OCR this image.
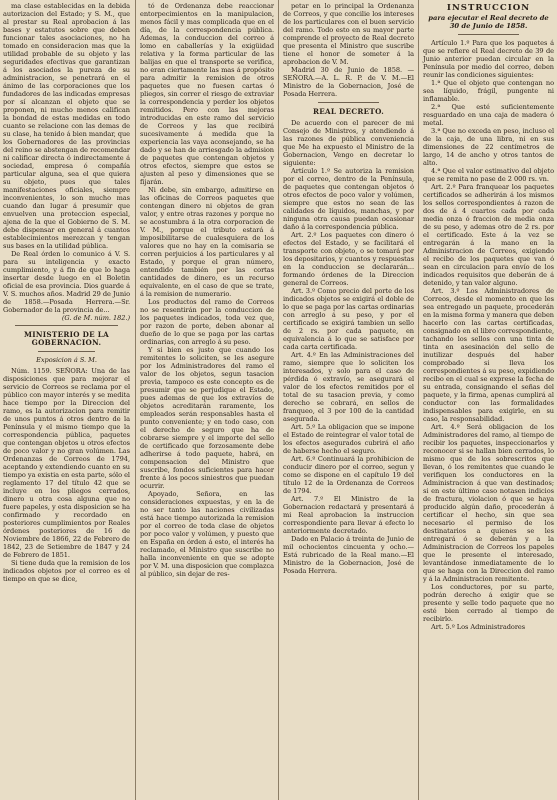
ma clase establecidas en la debida autorizacion del Estado; y S. M., que al prestar su Real aprobacion á las bases y estatutos sobre que deben funcionar tales asociaciones, no ha tomado en consideracion mas que la utilidad probable de su objeto y las seguridades efectivas que garantizan á los asociados la pureza de su administracion, se penetrará en el ánimo de las corporaciones que los fundadores de las indicadas empresas por sí alcanzan el objeto que se proponen, ni mucho menos califican la bondad de estas medidas en todo cuanto se relacione con las demas de su clase, ha tenido á bien mandar, que los Gobernadores de las provincias del reino se abstengan de recomendar ni calificar directa ó indirectamente á sociedad, empresa ó compañía particular alguna, sea el que quiera su objeto, pues que tales manifestaciones oficiales, siempre inconvenientes, lo son mucho mas cuando dan lugar á presumir que envuelven una proteccion especial, ajena de la que el Gobierno de S. M. debe dispensar en general á cuantos establecimientos merezcan y tengan sus bases en la utilidad pública.

De Real órden lo comunico á V. S. para su inteligencia y exacto cumplimiento, y á fin de que lo haga insertar desde luego en el Boletin oficial de esa provincia. Dios guarde á V. S. muchos años. Madrid 29 de Junio de 1858.—Posada Herrera.—Sr. Gobernador de la provincia de...

(G. de M. núm. 182.)

MINISTERIO DE LA GOBERNACION.

Exposicion á S. M.

Núm. 1159. SEÑORA: Una de las disposiciones que para mejorar el servicio de Correos se reclama por el público con mayor interés y se medita hace tiempo por la Direccion del ramo, es la autorizacion para remitir de unos puntos á otros dentro de la Península y el mismo tiempo que la correspondencia pública, paquetes que contengan objetos u otros efectos de poco valor y no gran volúmen. Las Ordenanzas de Correos de 1794, aceptando y extendiendo cuanto en su tiempo ya existia en esta parte, sólo el reglamento 17 del título 42 que se incluye en los pliegos cerrados, dinero u otra cosa alguna que no fuere papeles, y esta disposicion se ha confirmado y recordado en posteriores cumplimientos por Reales órdenes posteriores de 16 de Noviembre de 1866, 22 de Febrero de 1842, 23 de Setiembre de 1847 y 24 de Febrero de 1851.

Si tiene duda que la remision de los indicados objetos por el correo es el tiempo en que se dice,

tó de Ordenanza debe reaccionar entorpecimientos en la manipulacion, menos fácil y mas complicada que en el día, de la correspondencia pública. Ademas, la conduccion del correo á lomo en caballerías y la exigüidad relativa y la forma particular de las balijas en que el transporte se verifica, no eran ciertamente las mas á propósito para admitir la remision de otros paquetes que no fuesen cartas ó pliegos, sin correr el riesgo de extraviar la correspondencia y perder los objetos remitidos. Pero con las mejoras introducidas en este ramo del servicio de Correos y las que recibirá sucesivamente á medida que la experiencia las vaya aconsejando, se ha dado y se han de arriesgado la admision de paquetes que contengan objetos y otros efectos, siempre que estos se ajusten al peso y dimensiones que se fijarán.

Ni debe, sin embargo, admitirse en las oficinas de Correos paquetes que contengan dinero ni objetos de gran valor, y entre otras razones y porque no se acostumbra á la otra corporacion de V. M., porque el tributo estará á imposibilitarse de cualesquiera de los valores que no hay en la comisaria se corren perjuicios á los particulares y al Estado, y porque el gran número, entendido también por las cortas cantidades de dinero, es un recurso equivalente, en el caso de que se trate, á la remision de numerario.

Los productos del ramo de Correos no se resentirán por la conduccion de los paquetes indicados, toda vez que, por razon de porte, deben abonar al dueño de lo que se paga por las cartas ordinarias, con arreglo á su peso.

Y si bien es justo que cuando los remitentes lo soliciten, se les asegure por los Administradores del ramo el valor de los objetos, segun tasacion previa, tampoco es este concepto es de presumir que se perjudique el Estado, pues ademas de que los extravíos de objetos acreditarán raramente, los empleados serán responsables hasta el punto conveniente; y en todo caso, con el derecho de seguro que ha de cobrarse siempre y el importe del sello de certificado que forzosamente debe adherirse á todo paquete, habrá, en compensacion del Ministro que suscribe, fondos suficientes para hacer frente á los pocos siniestros que puedan ocurrir.

Apoyado, Señora, en las consideraciones expuestas, y en la de no ser tanto las naciones civilizadas está hace tiempo autorizada la remision por el correo de toda clase de objetos por poco valor y volúmen, y puesto que en España en órden á esto, el interés ha reclamado, el Ministro que suscribe no halla inconveniente en que se adopte por V. M. una disposicion que complazca al público, sin dejar de res-

petar en lo principal la Ordenanza de Correos, y que concilie los intereses de los particulares con el buen servicio del ramo. Todo esto en su mayor parte comprende el proyecto de Real decreto que presenta el Ministro que suscribe tiene el honor de someter á la aprobacion de V. M.

Madrid 30 de Junio de 1858. —SEÑORA.—A. L. R. P. de V. M.—El Ministro de la Gobernacion, José de Posada Herrera.

REAL DECRETO.

De acuerdo con el parecer de mi Consejo de Ministros, y atendiendo á las razones de pública conveniencia que Me ha expuesto el Ministro de la Gobernacion, Vengo en decretar lo siguiente:

Artículo 1.º Se autoriza la remision por el correo, dentro de la Península, de paquetes que contengan objetos ó otros efectos de poco valor y volúmen, siempre que estos no sean de las calidades de líquidos, manchas, y por ninguna otra causa puedan ocasionar daño á la correspondencia pública.

Art. 2.º Los paquetes con dinero ó efectos del Estado, y se facilitará el transporte con objeto, o se tomará por los depositarios, y cuantos y respuestas en la conduccion se declararán... formando órdenes de la Direccion general de Correos.

Art. 3.º Como precio del porte de los indicados objetos se exigirá el doble de lo que se paga por las cartas ordinarias con arreglo á su peso, y por el certificado se exigirá tambien un sello de 2 rs. por cada paquete, en equivalencia á lo que se satisface por cada carta certificada.

Art. 4.º En las Administraciones del ramo, siempre que lo soliciten los interesados, y solo para el caso de pérdida ó extravío, se asegurará el valor de los efectos remitidos por el total de su tasacion previa, y como derecho se cobrará, en sellos de franqueo, el 3 por 100 de la cantidad asegurada.

Art. 5.º La obligacion que se impone el Estado de reintegrar el valor total de los efectos asegurados cubrirá el año de haberse hecho el seguro.

Art. 6.º Continuará la prohibicion de conducir dinero por el correo, segun y como se dispone en el capítulo 19 del título 12 de la Ordenanza de Correos de 1794.

Art. 7.º El Ministro de la Gobernacion redactará y presentará á mi Real aprobacion la instruccion correspondiente para llevar á efecto lo anteriormente decretado.

Dado en Palacio á treinta de Junio de mil ochocientos cincuenta y ocho.—Está rubricado de la Real mano.—El Ministro de la Gobernacion, José de Posada Herrera.

INSTRUCCION
para ejecutar el Real decreto de 30 de Junio de 1858.

Artículo 1.º Para que los paquetes á que se refiere el Real decreto de 39 de Junio anterior puedan circular en la Península por medio del correo, deben reunir las condiciones siguientes:

1.ª Que el objeto que contengan no sea líquido, frágil, pungente ni inflamable.

2.ª Que esté suficientemente resguardado en una caja de madera ó metal.

3.ª Que no exceda en peso, incluso el de la caja, de una libra, ni en sus dimensiones de 22 centímetros de largo, 14 de ancho y otros tantos de alto.

4.ª Que el valor estimativo del objeto que se remita no pase de 2 000 rs. vn.

Art. 2.º Para franquear los paquetes certificados se adherirán á los mismos los sellos correspondientes á razon de dos de á 4 cuartos cada por cada media onza ó fraccion de media onza de su peso, y ademas otro de 2 rs. por el certificado. Este á la vez se entregarán á la mano en la Administracion de Correos, exigiendo el recibo de los paquetes que van ó sean en circulacion para envío de los indicados requisitos que deberán de á detenido, y tan valor alguno.

Art. 3.º Los Administradores de Correos, desde el momento en que les sea entregado un paquete, procederán en la misma forma y manera que deben hacerlo con las cartas certificadas, consignado en el libro correspondiente, tachando los sellos con una tinta de tinta en asesinación del sello de inutilizar después del haber comprobado si lleva los correspondientes á su peso, expidiendo recibo en el cual se exprese la fecha de su entrada, consignando el señas del paquete, y la firma, apenas cumplirá al conductor con las formalidades indispensables para exigirle, en su caso, la responsabilidad.

Art. 4.º Será obligacion de los Administradores del ramo, al tiempo de recibir los paquetes, inspeccionarlos y reconocer si se hallan bien cerrados, lo mismo que de los sobrescritos que llevan, ó los remitentes que cuando le verifiquen los conductores en la Administracion á que van destinados; si en este último caso notasen indicios de fractura, violacion ó que se haya producido algún daño, procederán á certificar el hecho, sin que sea necesario el permiso de los destinatarios a quienes se les entregará ó se deberán y a la Administracion de Correos los papeles que le presente el interesado, levantándose inmediatamente de lo que se haga con la Direccion del ramo y á la Administracion remitente.

Los conductores, por su parte, podrán derecho á exigir que se presente y selle todo paquete que no esté bien cerrado al tiempo de recibirlo.

Art. 5.º Los Administradores
